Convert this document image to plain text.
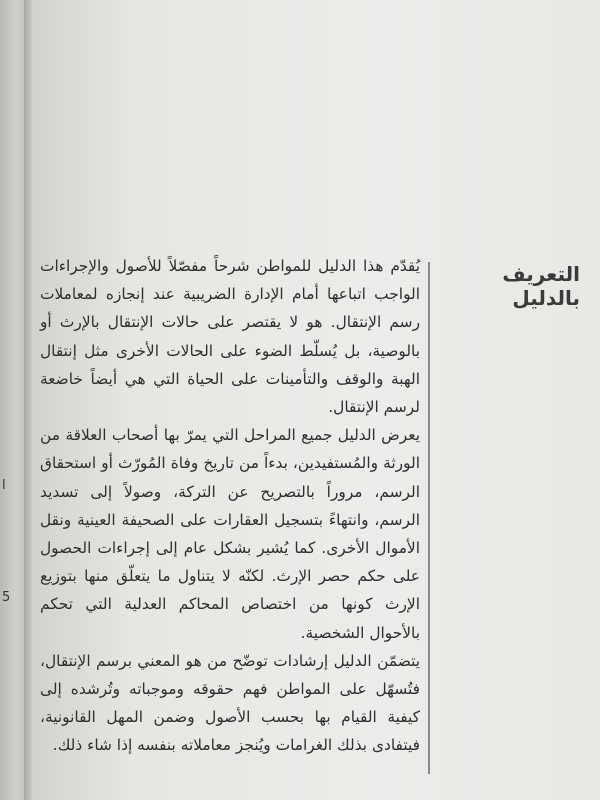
ا
5
التعريف بالدليل

يُقدّم هذا الدليل للمواطن شرحاً مفصّلاً للأصول والإجراءات الواجب اتباعها أمام الإدارة الضريبية عند إنجازه لمعاملات رسم الإنتقال. هو لا يقتصر على حالات الإنتقال بالإرث أو بالوصية، بل يُسلّط الضوء على الحالات الأخرى مثل إنتقال الهبة والوقف والتأمينات على الحياة التي هي أيضاً خاضعة لرسم الإنتقال.

يعرض الدليل جميع المراحل التي يمرّ بها أصحاب العلاقة من الورثة والمُستفيدين، بدءاً من تاريخ وفاة المُورّث أو استحقاق الرسم، مروراً بالتصريح عن التركة، وصولاً إلى تسديد الرسم، وانتهاءً بتسجيل العقارات على الصحيفة العينية ونقل الأموال الأخرى. كما يُشير بشكل عام إلى إجراءات الحصول على حكم حصر الإرث. لكنّه لا يتناول ما يتعلّق منها بتوزيع الإرث كونها من اختصاص المحاكم العدلية التي تحكم بالأحوال الشخصية.

يتضمّن الدليل إرشادات توضّح من هو المعني برسم الإنتقال، فتُسهّل على المواطن فهم حقوقه وموجباته وتُرشده إلى كيفية القيام بها بحسب الأصول وضمن المهل القانونية، فيتفادى بذلك الغرامات ويُنجز معاملاته بنفسه إذا شاء ذلك.
